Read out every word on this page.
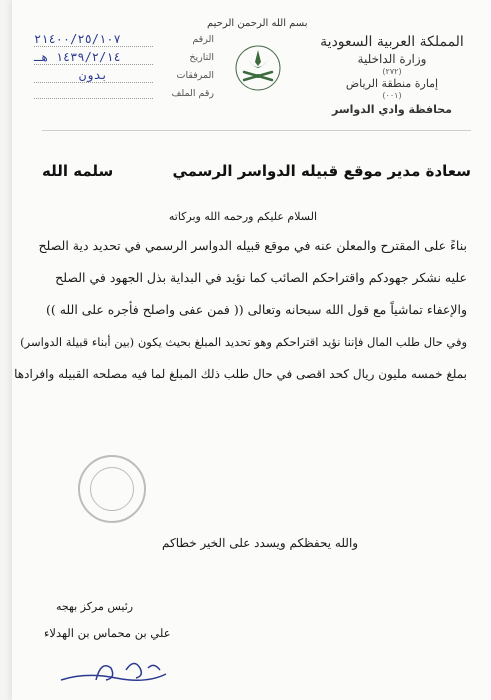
بسم الله الرحمن الرحيم
المملكة العربية السعودية
وزارة الداخلية
(٢٧٢)
إمارة منطقة الرياض
(٠٠١)
محافظة وادي الدواسر
٢١٤٠٠/٢٥/١٠٧	الرقم
١٤٣٩/٢/١٤ هـ	التاريخ
بدون	المرفقات
رقم الملف
سعادة مدير موقع قبيله الدواسر الرسمي
سلمه الله
السلام عليكم ورحمه الله وبركاته

بناءً على المقترح والمعلن عنه في موقع قبيله الدواسر الرسمي في تحديد دية الصلح

عليه نشكر جهودكم واقتراحكم الصائب كما نؤيد في البداية بذل الجهود في الصلح

والإعفاء تماشياً مع قول الله سبحانه وتعالى (( فمن عفى واصلح فأجره على الله ))

وفي حال طلب المال فإننا نؤيد اقتراحكم وهو تحديد المبلغ بحيث يكون (بين أبناء قبيلة الدواسر)

بملغ خمسه مليون ريال كحد اقصى في حال طلب ذلك المبلغ لما فيه مصلحه القبيله وافرادها

والله يحفظكم ويسدد على الخير خطاكم
رئيس مركز بهجه
علي بن محماس بن الهدلاء
